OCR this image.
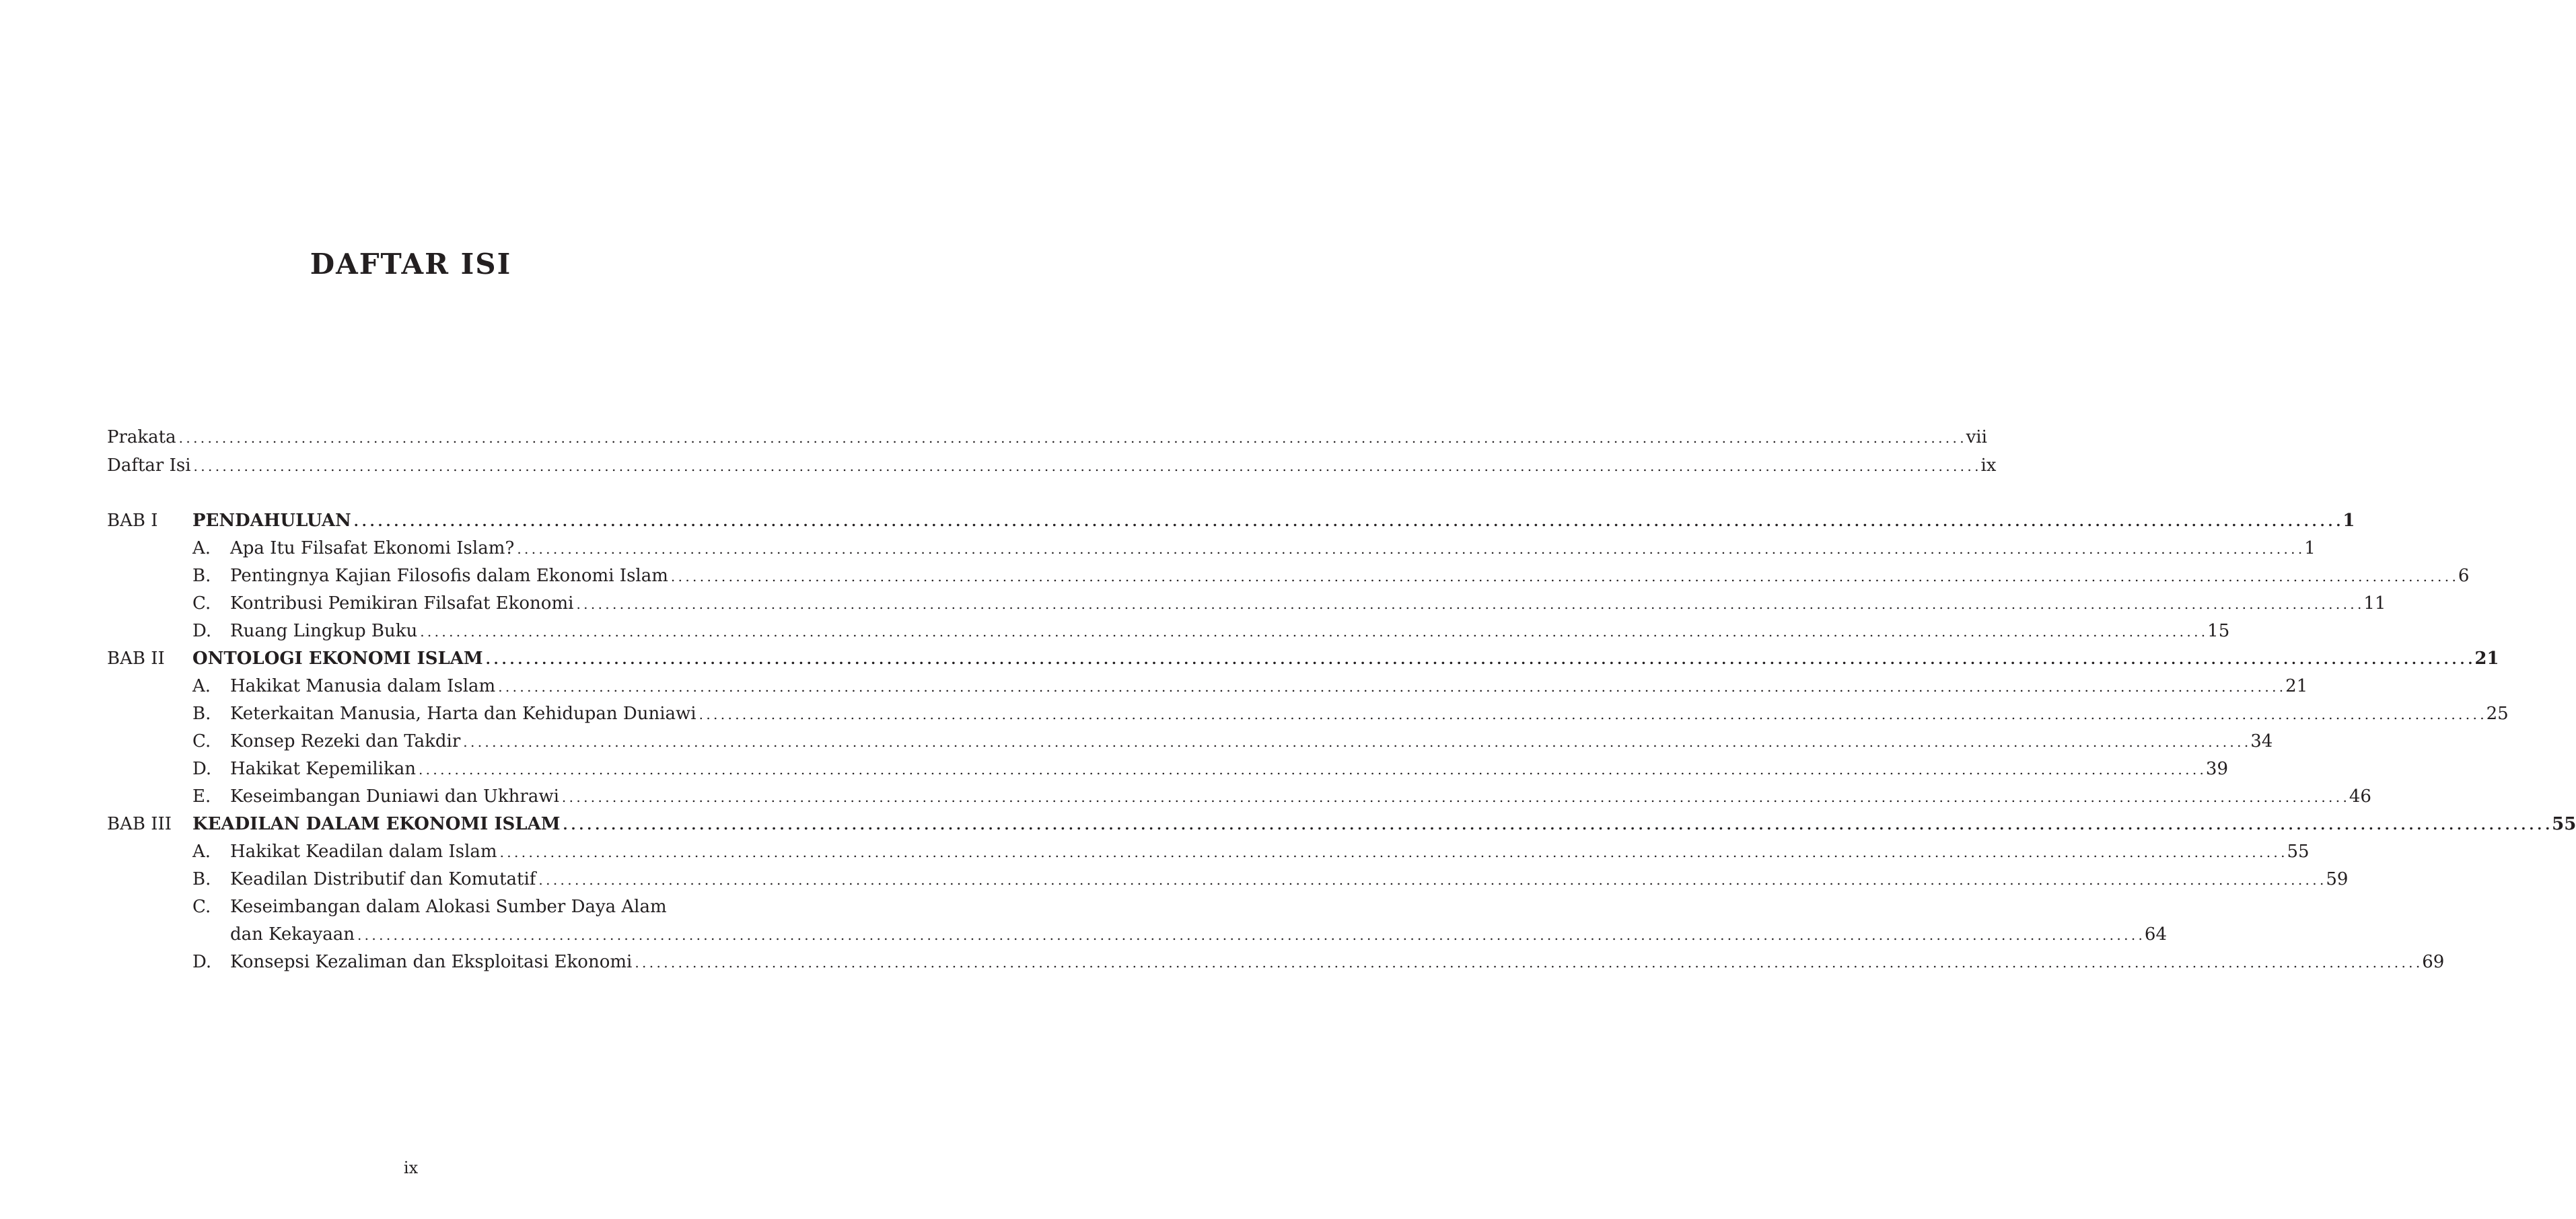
DAFTAR ISI
Prakata . . .	vii
Daftar Isi . . .	ix
BAB I PENDAHULUAN . . .	1
A. Apa Itu Filsafat Ekonomi Islam? . . .	1
B. Pentingnya Kajian Filosofis dalam Ekonomi Islam . . .	6
C. Kontribusi Pemikiran Filsafat Ekonomi . . .	11
D. Ruang Lingkup Buku . . .	15
BAB II ONTOLOGI EKONOMI ISLAM . . .	21
A. Hakikat Manusia dalam Islam . . .	21
B. Keterkaitan Manusia, Harta dan Kehidupan Duniawi . . .	25
C. Konsep Rezeki dan Takdir . . .	34
D. Hakikat Kepemilikan . . .	39
E. Keseimbangan Duniawi dan Ukhrawi . . .	46
BAB III KEADILAN DALAM EKONOMI ISLAM . . .	55
A. Hakikat Keadilan dalam Islam . . .	55
B. Keadilan Distributif dan Komutatif . . .	59
C. Keseimbangan dalam Alokasi Sumber Daya Alam
dan Kekayaan . . .	64
D. Konsepsi Kezaliman dan Eksploitasi Ekonomi . . .	69
ix
